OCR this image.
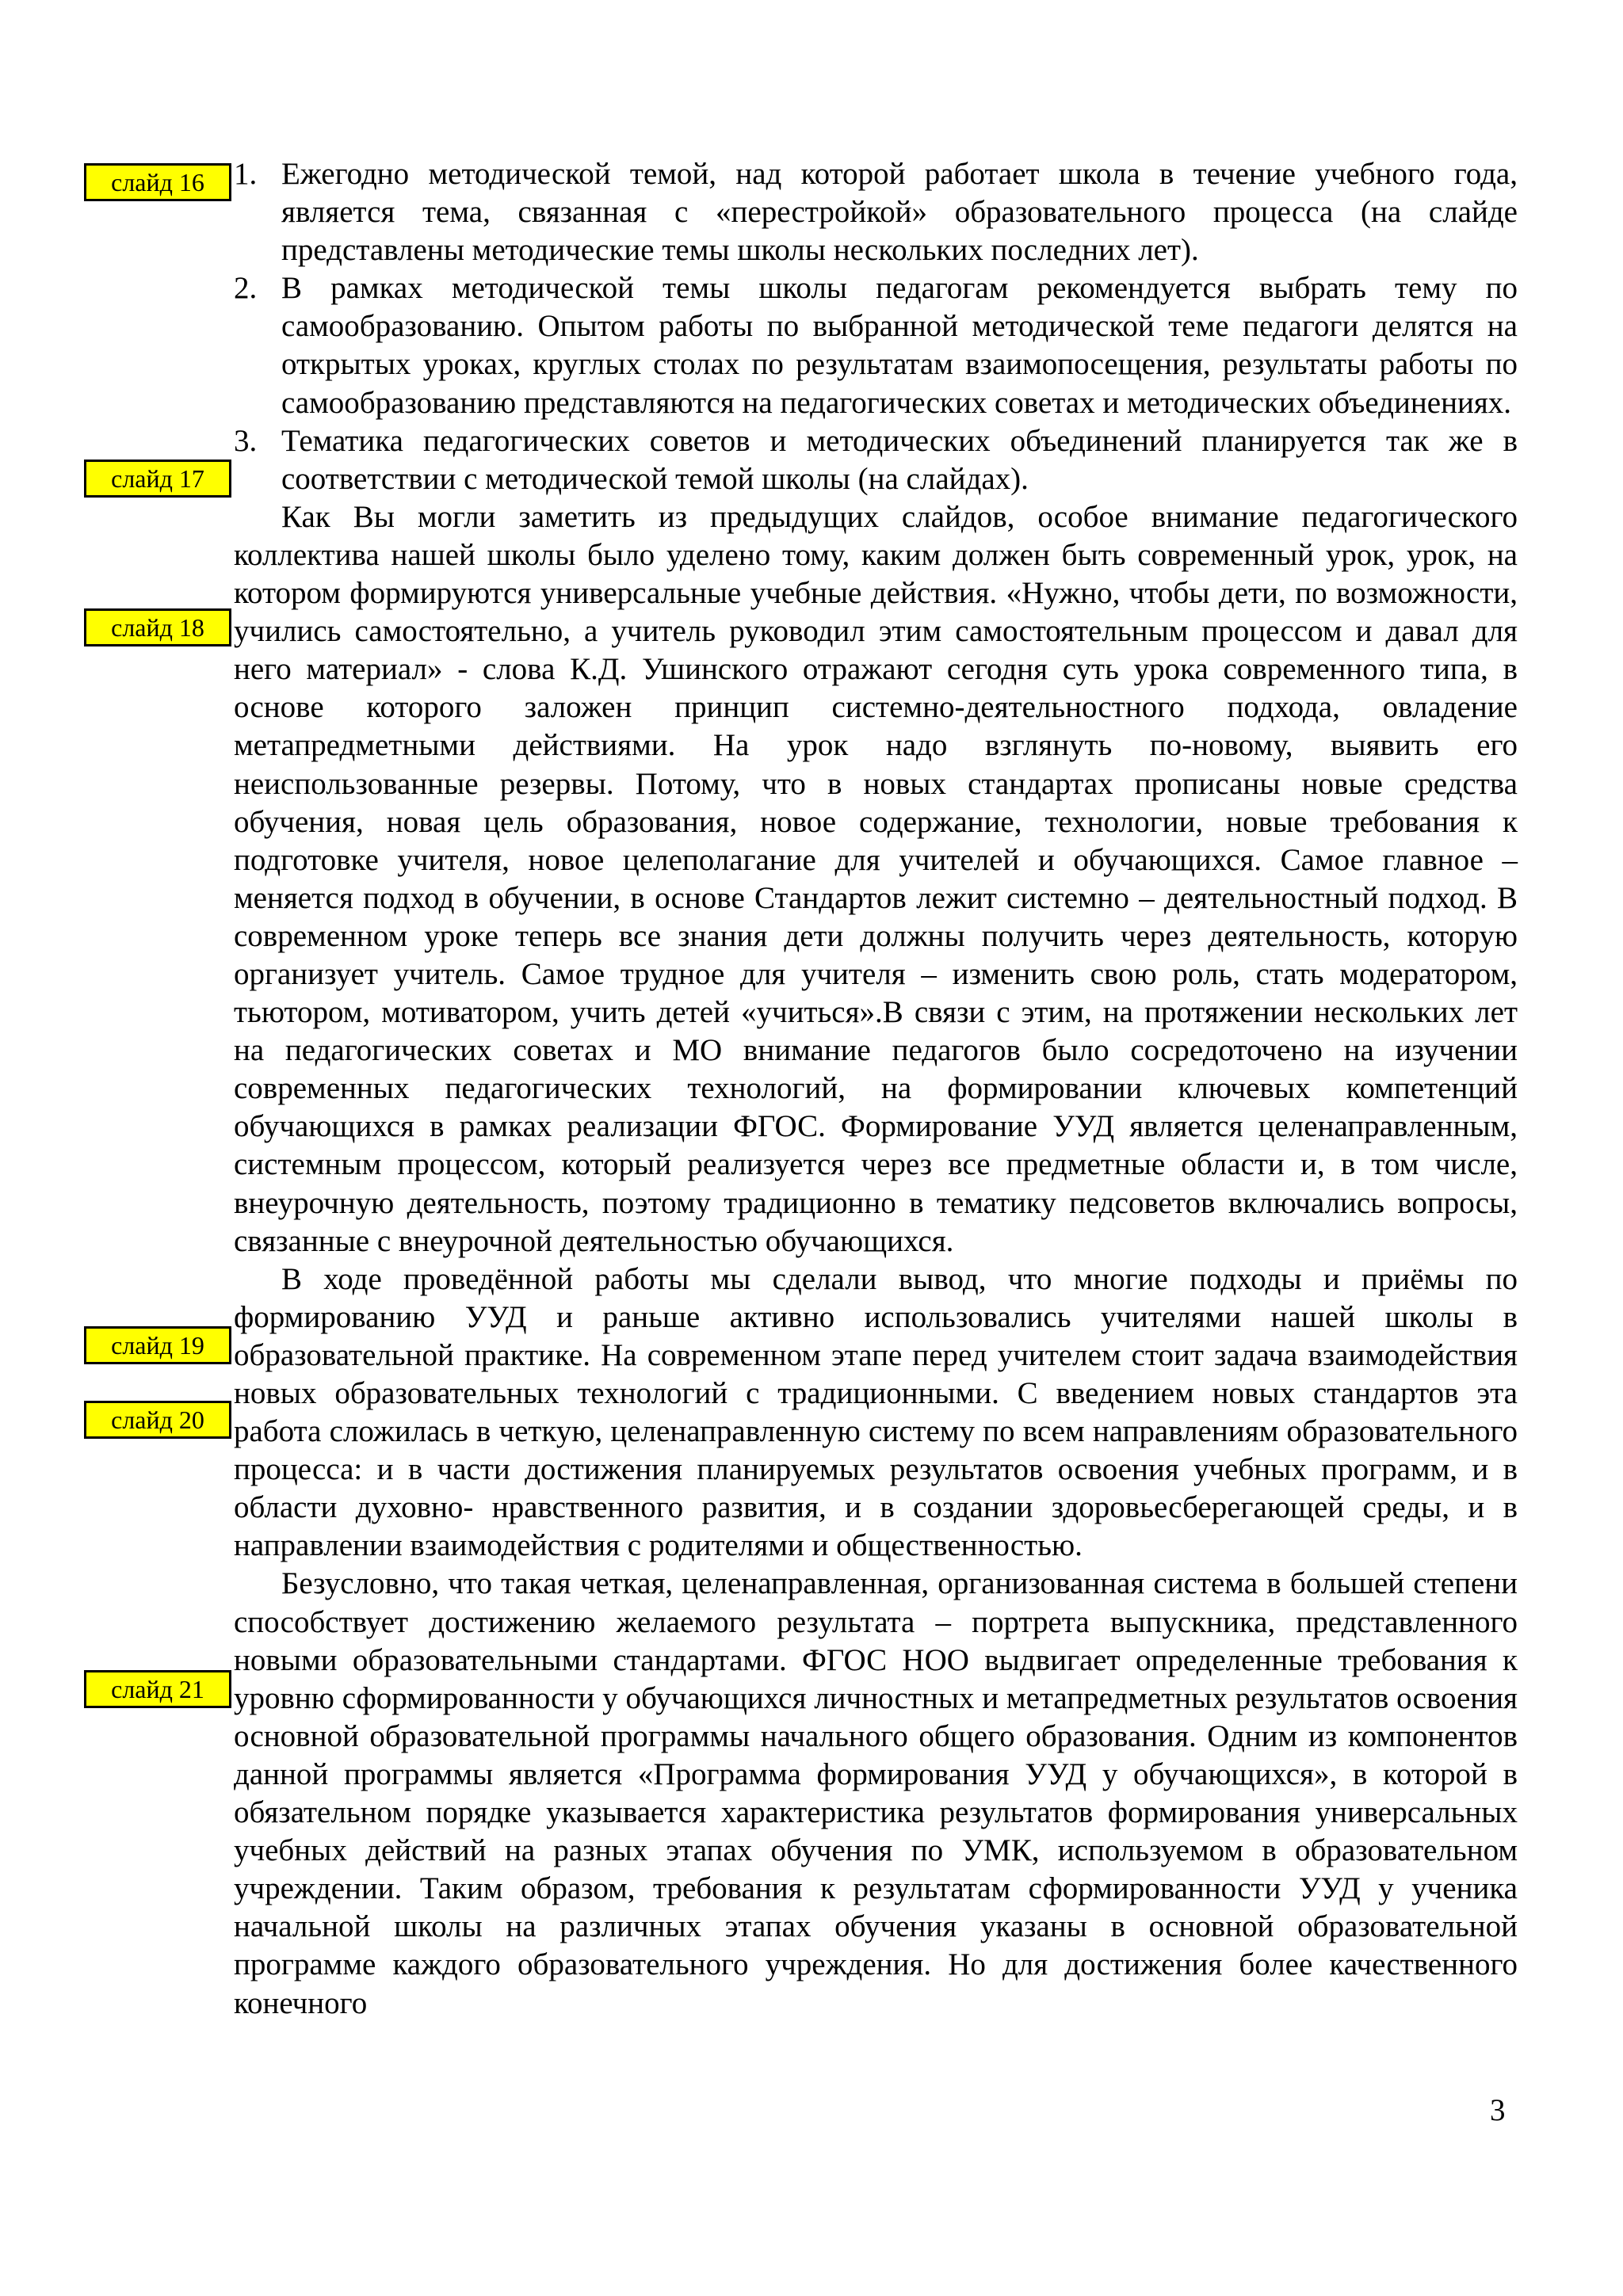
слайд 16
слайд 17
слайд 18
слайд 19
слайд 20
слайд 21
1. Ежегодно методической темой, над которой работает школа в течение учебного года, является тема, связанная с «перестройкой» образовательного процесса (на слайде представлены методические темы школы нескольких последних лет).
2. В рамках методической темы школы педагогам рекомендуется выбрать тему по самообразованию. Опытом работы по выбранной методической теме педагоги делятся на открытых уроках, круглых столах по результатам взаимопосещения, результаты работы по самообразованию представляются на педагогических советах и методических объединениях.
3. Тематика педагогических советов и методических объединений планируется так же в соответствии с методической темой школы (на слайдах).

Как Вы могли заметить из предыдущих слайдов, особое внимание педагогического коллектива нашей школы было уделено тому, каким должен быть современный урок, урок, на котором формируются универсальные учебные действия. «Нужно, чтобы дети, по возможности, учились самостоятельно, а учитель руководил этим самостоятельным процессом и давал для него материал» - слова К.Д. Ушинского отражают сегодня суть урока современного типа, в основе которого заложен принцип системно-деятельностного подхода, овладение метапредметными действиями. На урок надо взглянуть по-новому, выявить его неиспользованные резервы. Потому, что в новых стандартах прописаны новые средства обучения, новая цель образования, новое содержание, технологии, новые требования к подготовке учителя, новое целеполагание для учителей и обучающихся. Самое главное – меняется подход в обучении, в основе Стандартов лежит системно – деятельностный подход. В современном уроке теперь все знания дети должны получить через деятельность, которую организует учитель. Самое трудное для учителя – изменить свою роль, стать модератором, тьютором, мотиватором, учить детей «учиться».В связи с этим, на протяжении нескольких лет на педагогических советах и МО внимание педагогов было сосредоточено на изучении современных педагогических технологий, на формировании ключевых компетенций обучающихся в рамках реализации ФГОС. Формирование УУД является целенаправленным, системным процессом, который реализуется через все предметные области и, в том числе, внеурочную деятельность, поэтому традиционно в тематику педсоветов включались вопросы, связанные с внеурочной деятельностью обучающихся.

В ходе проведённой работы мы сделали вывод, что многие подходы и приёмы по формированию УУД и раньше активно использовались учителями нашей школы в образовательной практике. На современном этапе перед учителем стоит задача взаимодействия новых образовательных технологий с традиционными. С введением новых стандартов эта работа сложилась в четкую, целенаправленную систему по всем направлениям образовательного процесса: и в части достижения планируемых результатов освоения учебных программ, и в области духовно- нравственного развития, и в создании здоровьесберегающей среды, и в направлении взаимодействия с родителями и общественностью.

Безусловно, что такая четкая, целенаправленная, организованная система в большей степени способствует достижению желаемого результата – портрета выпускника, представленного новыми образовательными стандартами. ФГОС НОО выдвигает определенные требования к уровню сформированности у обучающихся личностных и метапредметных результатов освоения основной образовательной программы начального общего образования. Одним из компонентов данной программы является «Программа формирования УУД у обучающихся», в которой в обязательном порядке указывается характеристика результатов формирования универсальных учебных действий на разных этапах обучения по УМК, используемом в образовательном учреждении. Таким образом, требования к результатам сформированности УУД у ученика начальной школы на различных этапах обучения указаны в основной образовательной программе каждого образовательного учреждения. Но для достижения более качественного конечного

3
